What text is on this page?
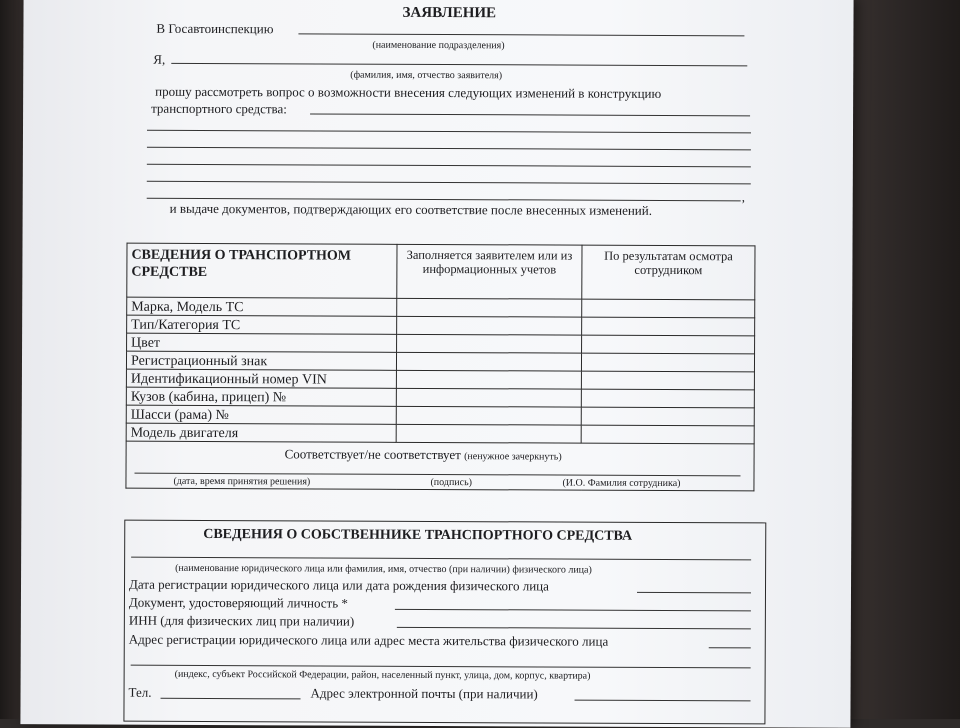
ЗАЯВЛЕНИЕ
В Госавтоинспекцию
(наименование подразделения)
Я,
(фамилия, имя, отчество заявителя)
прошу рассмотреть вопрос о возможности внесения следующих изменений в конструкцию
транспортного средства:
,
и выдаче документов, подтверждающих его соответствие после внесенных изменений.
СВЕДЕНИЯ О ТРАНСПОРТНОМ СРЕДСТВЕ	Заполняется заявителем или из информационных учетов	По результатам осмотра сотрудником
Марка, Модель ТС		
Тип/Категория ТС		
Цвет		
Регистрационный знак		
Идентификационный номер VIN		
Кузов (кабина, прицеп) №		
Шасси (рама) №		
Модель двигателя		

Соответствует/не соответствует (ненужное зачеркнуть)
(дата, время принятия решения) (подпись) (И.О. Фамилия сотрудника)		
СВЕДЕНИЯ О СОБСТВЕННИКЕ ТРАНСПОРТНОГО СРЕДСТВА
(наименование юридического лица или фамилия, имя, отчество (при наличии) физического лица)
Дата регистрации юридического лица или дата рождения физического лица
Документ, удостоверяющий личность *
ИНН (для физических лиц при наличии)
Адрес регистрации юридического лица или адрес места жительства физического лица
(индекс, субъект Российской Федерации, район, населенный пункт, улица, дом, корпус, квартира)
Тел.	Адрес электронной почты (при наличии)
